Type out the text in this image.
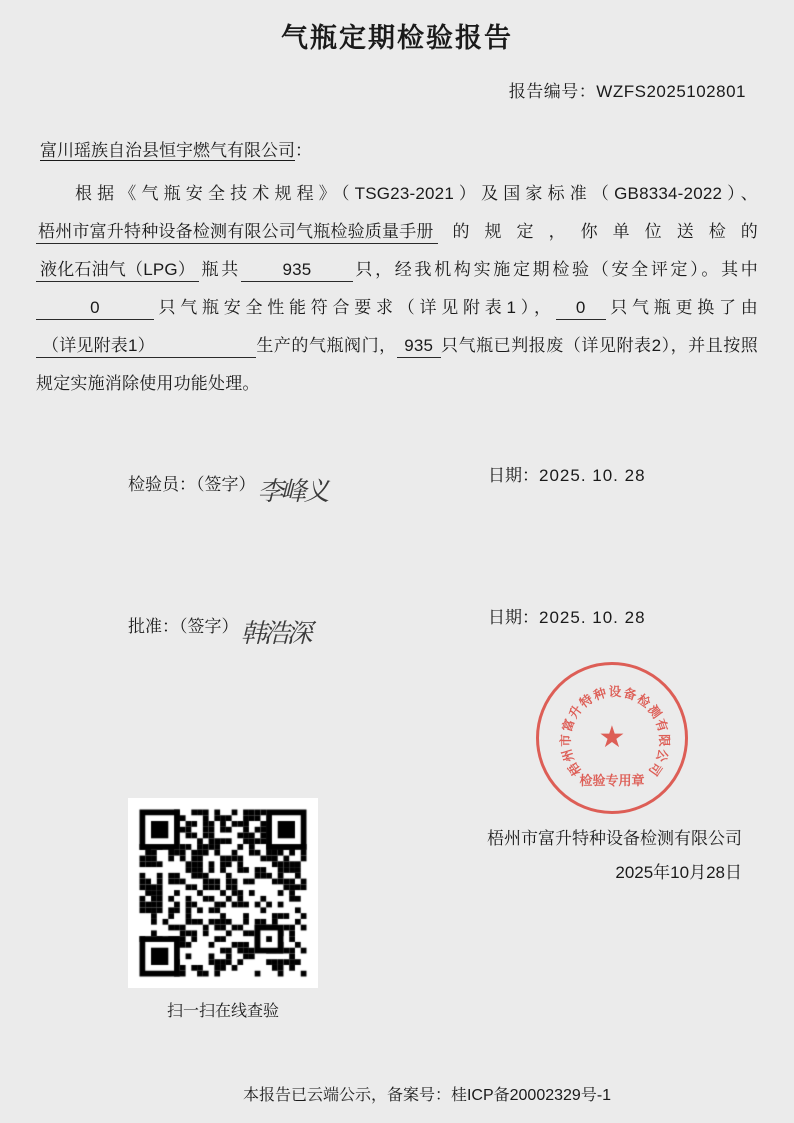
气瓶定期检验报告
报告编号：WZFS2025102801
富川瑶族自治县恒宇燃气有限公司：
根据《气瓶安全技术规程》（TSG23-2021）及国家标准（GB8334-2022）、梧州市富升特种设备检测有限公司气瓶检验质量手册 的规定，你单位送检的液化石油气（LPG） 瓶共 935 只，经我机构实施定期检验（安全评定）。其中0	只气瓶安全性能符合要求（详见附表1）， 0 只气瓶更换了由（详见附表1）	生产的气瓶阀门， 935 只气瓶已判报废（详见附表2），并且按照规定实施消除使用功能处理。
检验员：（签字）李峰义
日期：2025. 10. 28
批准：（签字）韩浩深
日期：2025. 10. 28
梧州市富升特种设备检测有限公司
2025年10月28日
梧
州
市
富
升
特
种 设 备
检
测
有
限
公
司
★
检验专用章
扫一扫在线查验
本报告已云端公示，备案号：桂ICP备20002329号-1
